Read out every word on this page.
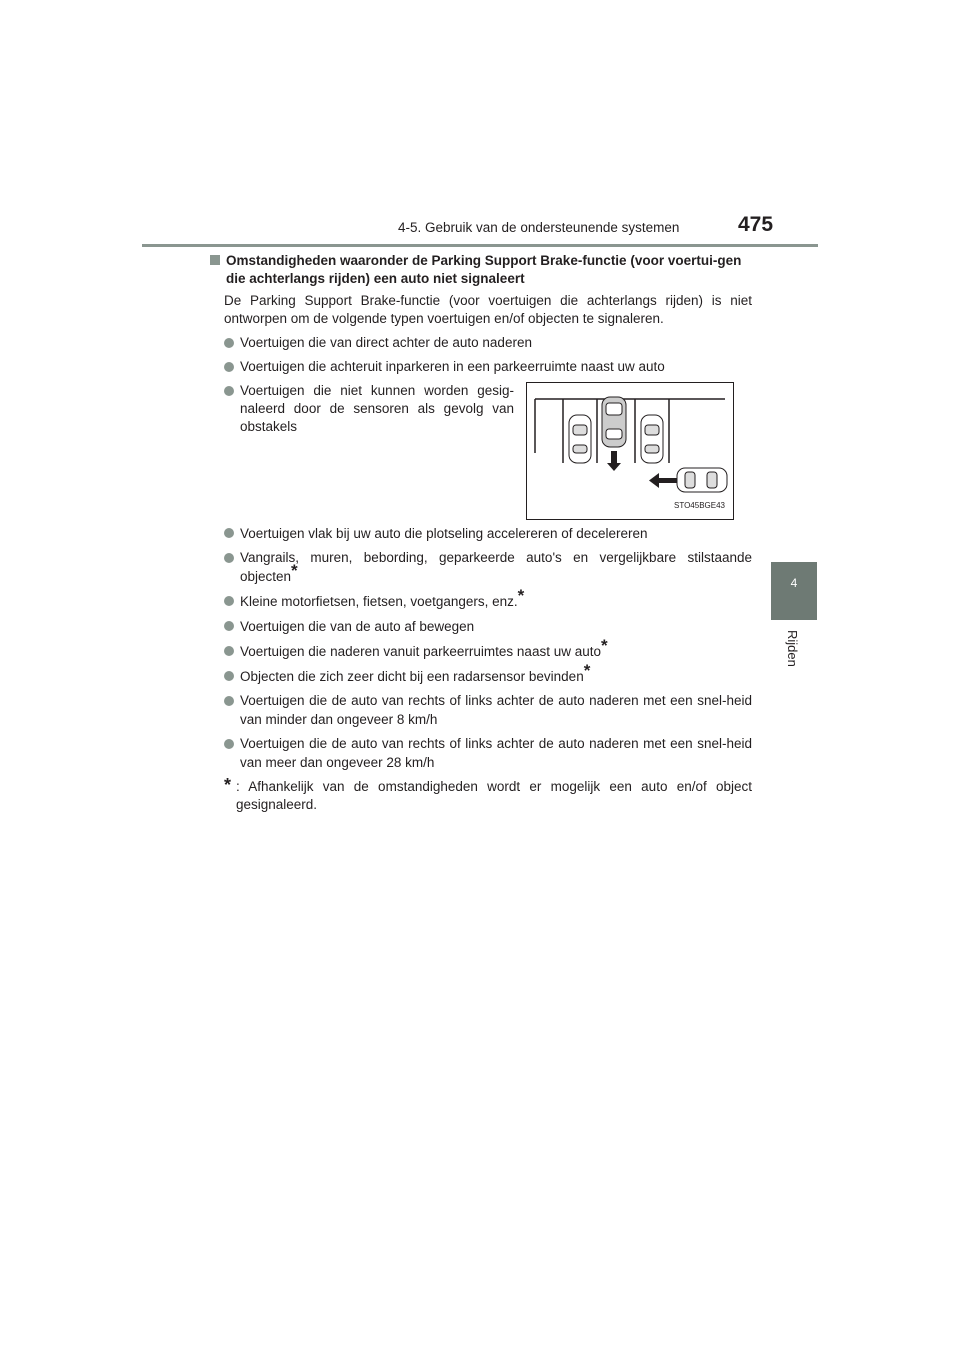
4-5. Gebruik van de ondersteunende systemen	475
4
Rijden
Omstandigheden waaronder de Parking Support Brake-functie (voor voertui-gen die achterlangs rijden) een auto niet signaleert
De Parking Support Brake-functie (voor voertuigen die achterlangs rijden) is niet ontworpen om de volgende typen voertuigen en/of objecten te signaleren.
Voertuigen die van direct achter de auto naderen
Voertuigen die achteruit inparkeren in een parkeerruimte naast uw auto
Voertuigen die niet kunnen worden gesig-naleerd door de sensoren als gevolg van obstakels
STO45BGE43
Voertuigen vlak bij uw auto die plotseling accelereren of decelereren
Vangrails, muren, bebording, geparkeerde auto's en vergelijkbare stilstaande objecten*
Kleine motorfietsen, fietsen, voetgangers, enz.*
Voertuigen die van de auto af bewegen
Voertuigen die naderen vanuit parkeerruimtes naast uw auto*
Objecten die zich zeer dicht bij een radarsensor bevinden*
Voertuigen die de auto van rechts of links achter de auto naderen met een snel-heid van minder dan ongeveer 8 km/h
Voertuigen die de auto van rechts of links achter de auto naderen met een snel-heid van meer dan ongeveer 28 km/h
* : Afhankelijk van de omstandigheden wordt er mogelijk een auto en/of object gesignaleerd.
